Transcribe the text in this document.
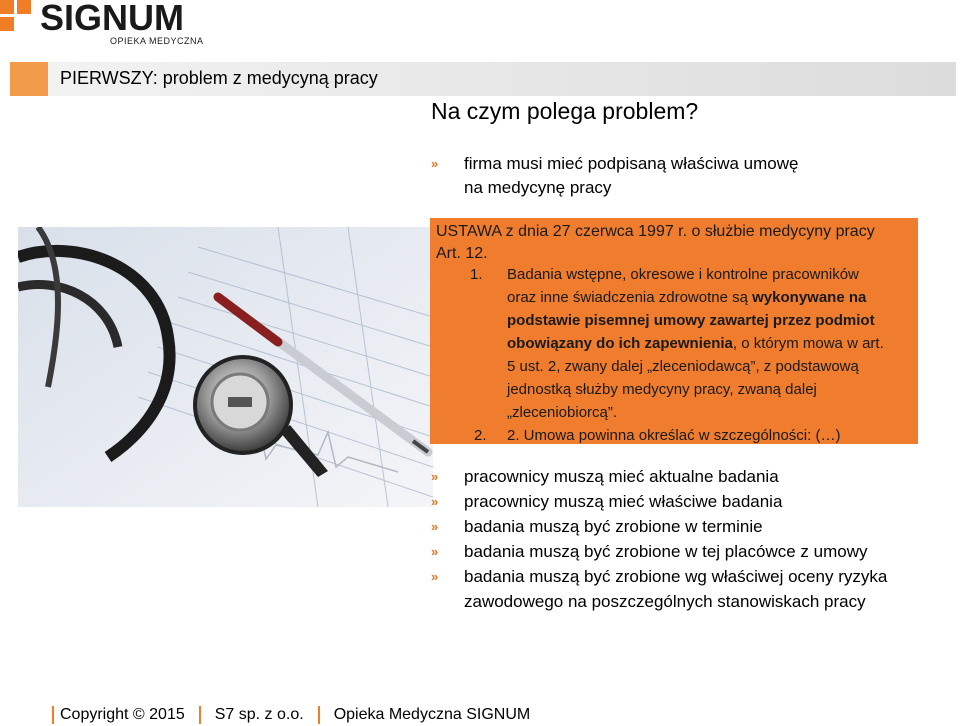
SIGNUM
OPIEKA MEDYCZNA
PIERWSZY: problem z medycyną pracy
Na czym polega problem?
» firma musi mieć podpisaną właściwa umowę
na medycynę pracy
USTAWA z dnia 27 czerwca 1997 r. o służbie medycyny pracy
Art. 12.
1. Badania wstępne, okresowe i kontrolne pracowników
oraz inne świadczenia zdrowotne są wykonywane na
podstawie pisemnej umowy zawartej przez podmiot
obowiązany do ich zapewnienia, o którym mowa w art.
5 ust. 2, zwany dalej „zleceniodawcą”, z podstawową
jednostką służby medycyny pracy, zwaną dalej
„zleceniobiorcą”.
2. 2. Umowa powinna określać w szczególności: (…)
» pracownicy muszą mieć aktualne badania
» pracownicy muszą mieć właściwe badania
» badania muszą być zrobione w terminie
» badania muszą być zrobione w tej placówce z umowy
» badania muszą być zrobione wg właściwej oceny ryzyka
zawodowego na poszczególnych stanowiskach pracy
Copyright © 2015 S7 sp. z o.o. Opieka Medyczna SIGNUM
